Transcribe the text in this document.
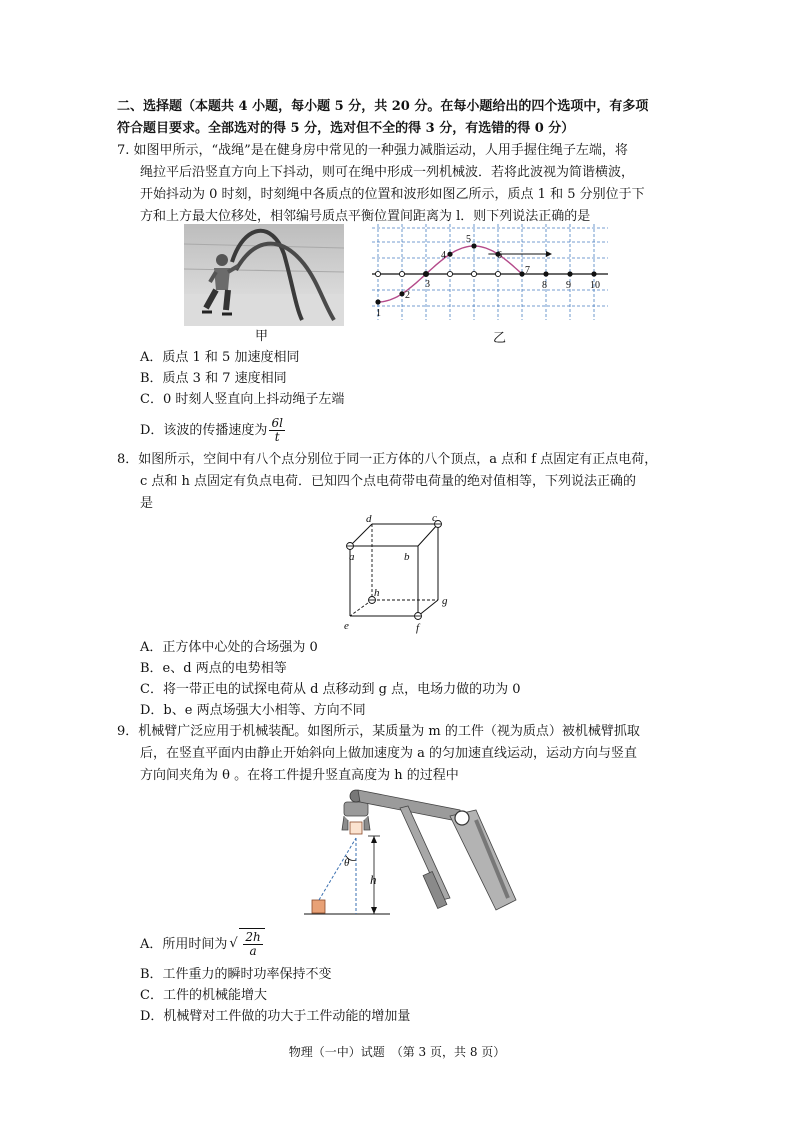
二、选择题（本题共 4 小题，每小题 5 分，共 20 分。在每小题给出的四个选项中，有多项
符合题目要求。全部选对的得 5 分，选对但不全的得 3 分，有选错的得 0 分）
7. 如图甲所示，“战绳”是在健身房中常见的一种强力减脂运动，人用手握住绳子左端，将
绳拉平后沿竖直方向上下抖动，则可在绳中形成一列机械波．若将此波视为简谐横波，
开始抖动为 0 时刻，时刻绳中各质点的位置和波形如图乙所示，质点 1 和 5 分别位于下
方和上方最大位移处，相邻编号质点平衡位置间距离为 l．则下列说法正确的是
甲
1
2
3
4
5
6
7
8 9 10
乙
A．质点 1 和 5 加速度相同
B．质点 3 和 7 速度相同
C．0 时刻人竖直向上抖动绳子左端
D．该波的传播速度为 $\frac{6l}{t}$
8．如图所示，空间中有八个点分别位于同一正方体的八个顶点，a 点和 f 点固定有正点电荷，
c 点和 h 点固定有负点电荷．已知四个点电荷带电荷量的绝对值相等，下列说法正确的
是
d	c
a	b
h
g
e	f
A．正方体中心处的合场强为 0
B．e、d 两点的电势相等
C．将一带正电的试探电荷从 d 点移动到 g 点，电场力做的功为 0
D．b、e 两点场强大小相等、方向不同
9．机械臂广泛应用于机械装配。如图所示，某质量为 m 的工件（视为质点）被机械臂抓取
后，在竖直平面内由静止开始斜向上做加速度为 a 的匀加速直线运动，运动方向与竖直
方向间夹角为 θ 。在将工件提升竖直高度为 h 的过程中
θ
h
A．所用时间为 √ $\frac{2h}{a}$
B．工件重力的瞬时功率保持不变
C．工件的机械能增大
D．机械臂对工件做的功大于工件动能的增加量
物理（一中）试题　（第 3 页，共 8 页）
